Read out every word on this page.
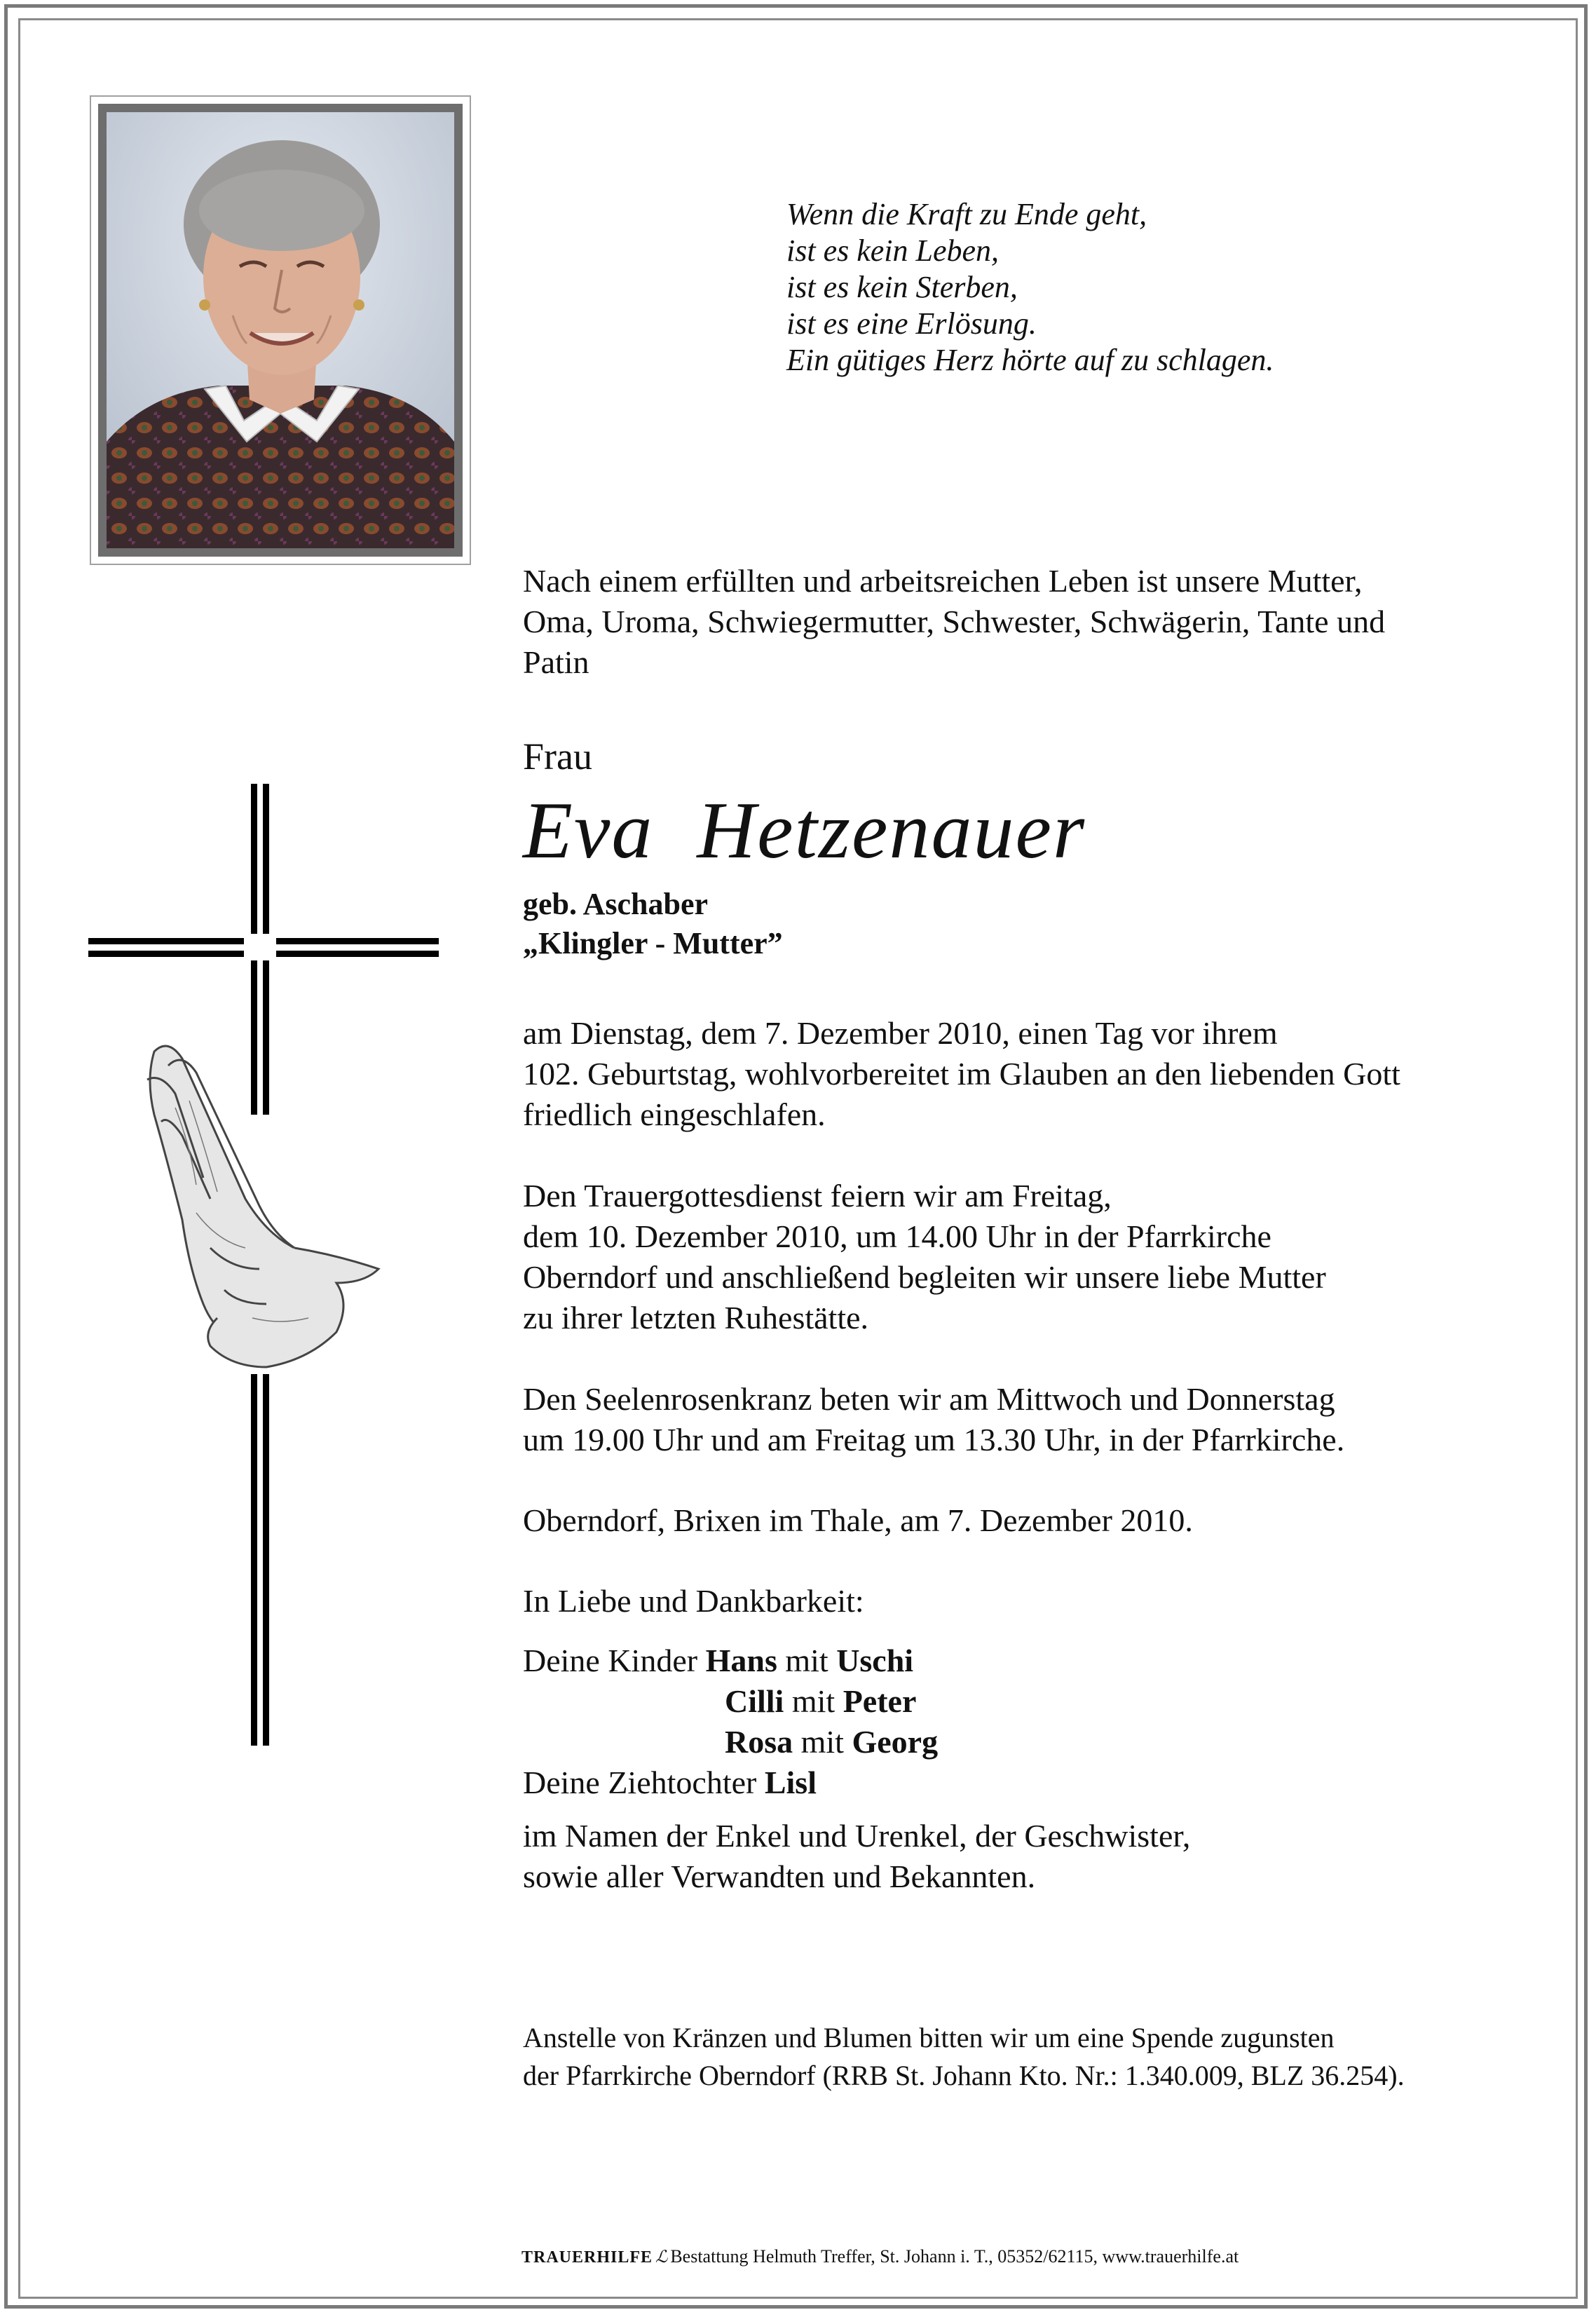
Wenn die Kraft zu Ende geht,
ist es kein Leben,
ist es kein Sterben,
ist es eine Erlösung.
Ein gütiges Herz hörte auf zu schlagen.
Nach einem erfüllten und arbeitsreichen Leben ist unsere Mutter,
Oma, Uroma, Schwiegermutter, Schwester, Schwägerin, Tante und
Patin
Frau
Eva  Hetzenauer
geb. Aschaber
„Klingler - Mutter”
am Dienstag, dem 7. Dezember 2010, einen Tag vor ihrem
102. Geburtstag, wohlvorbereitet im Glauben an den liebenden Gott
friedlich eingeschlafen.
Den Trauergottesdienst feiern wir am Freitag,
dem 10. Dezember 2010, um 14.00 Uhr in der Pfarrkirche
Oberndorf und anschließend begleiten wir unsere liebe Mutter
zu ihrer letzten Ruhestätte.
Den Seelenrosenkranz beten wir am Mittwoch und Donnerstag
um 19.00 Uhr und am Freitag um 13.30 Uhr, in der Pfarrkirche.
Oberndorf, Brixen im Thale, am 7. Dezember 2010.
In Liebe und Dankbarkeit:
Deine Kinder Hans mit Uschi
Cilli mit Peter
Rosa mit Georg
Deine Ziehtochter Lisl
im Namen der Enkel und Urenkel, der Geschwister,
sowie aller Verwandten und Bekannten.
Anstelle von Kränzen und Blumen bitten wir um eine Spende zugunsten
der Pfarrkirche Oberndorf (RRB St. Johann Kto. Nr.: 1.340.009, BLZ 36.254).
TRAUERHILFE ℒ Bestattung Helmuth Treffer, St. Johann i. T., 05352/62115, www.trauerhilfe.at
